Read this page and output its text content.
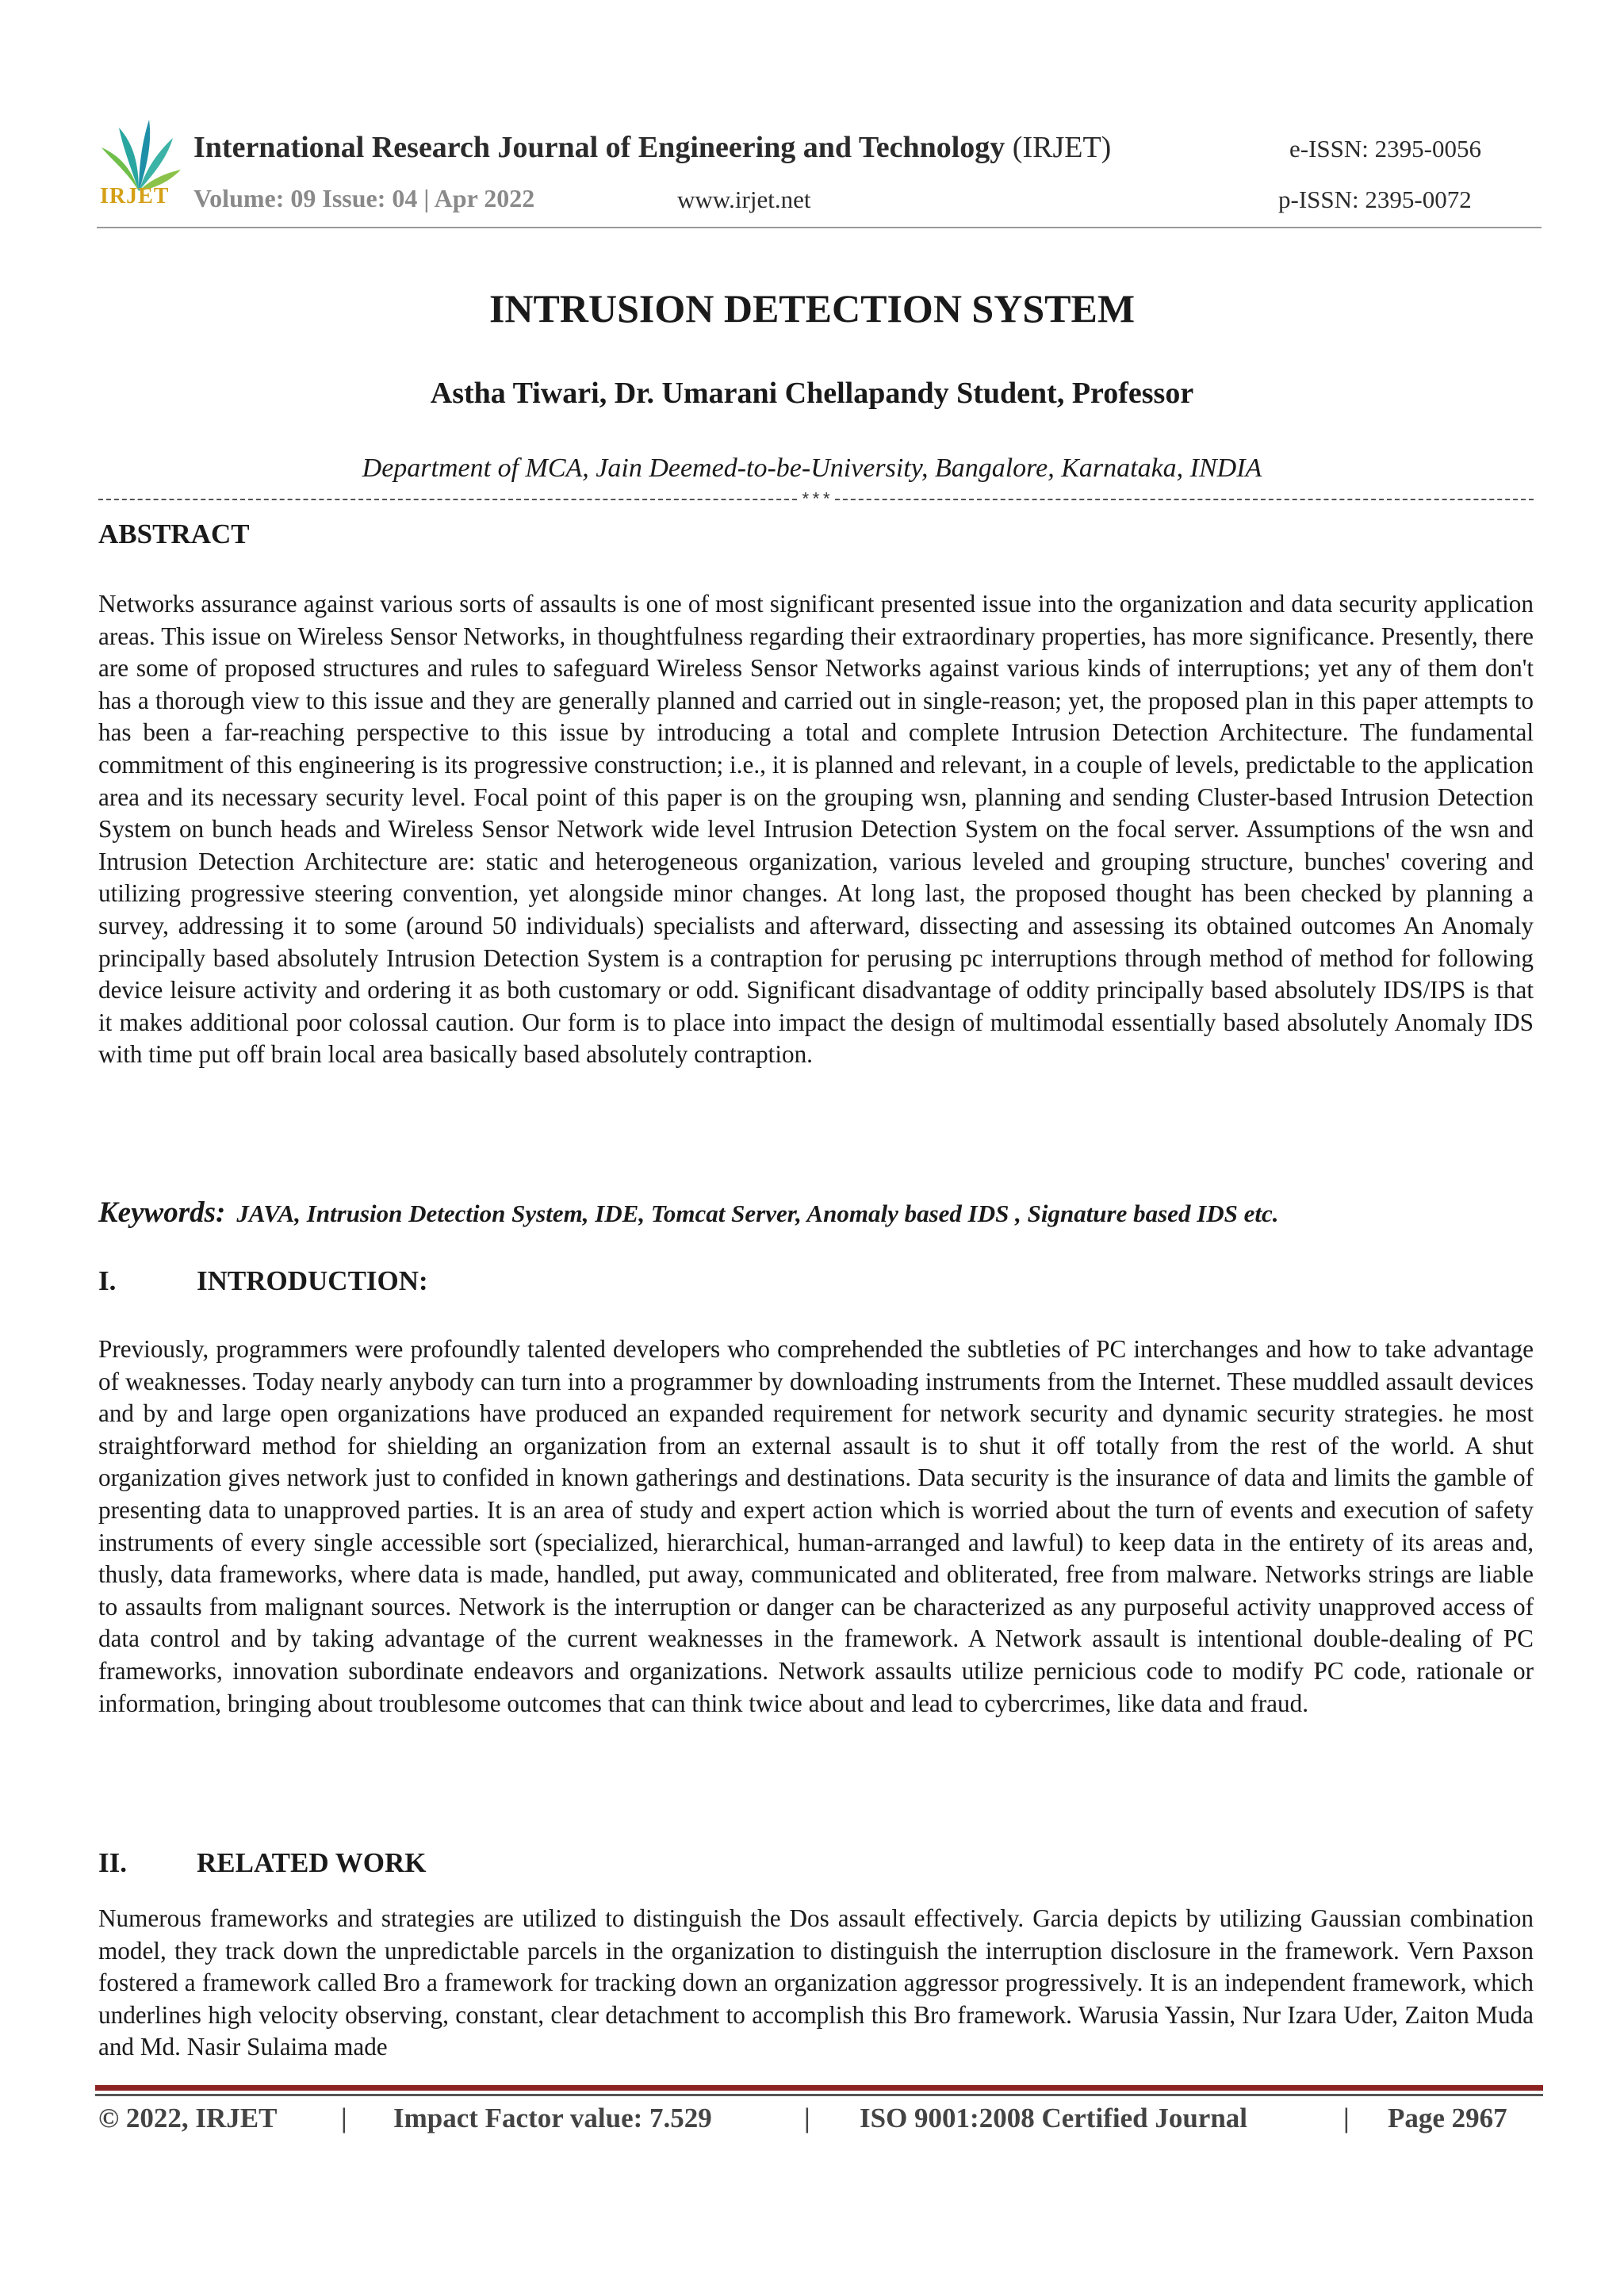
IRJET
International Research Journal of Engineering and Technology (IRJET)	e-ISSN: 2395-0056
Volume: 09 Issue: 04 | Apr 2022	www.irjet.net	p-ISSN: 2395-0072
INTRUSION DETECTION SYSTEM
Astha Tiwari, Dr. Umarani Chellapandy Student, Professor
Department of MCA, Jain Deemed-to-be-University, Bangalore, Karnataka, INDIA
***
ABSTRACT

Networks assurance against various sorts of assaults is one of most significant presented issue into the organization and data security application areas. This issue on Wireless Sensor Networks, in thoughtfulness regarding their extraordinary properties, has more significance. Presently, there are some of proposed structures and rules to safeguard Wireless Sensor Networks against various kinds of interruptions; yet any of them don't has a thorough view to this issue and they are generally planned and carried out in single-reason; yet, the proposed plan in this paper attempts to has been a far-reaching perspective to this issue by introducing a total and complete Intrusion Detection Architecture. The fundamental commitment of this engineering is its progressive construction; i.e., it is planned and relevant, in a couple of levels, predictable to the application area and its necessary security level. Focal point of this paper is on the grouping wsn, planning and sending Cluster-based Intrusion Detection System on bunch heads and Wireless Sensor Network wide level Intrusion Detection System on the focal server. Assumptions of the wsn and Intrusion Detection Architecture are: static and heterogeneous organization, various leveled and grouping structure, bunches' covering and utilizing progressive steering convention, yet alongside minor changes. At long last, the proposed thought has been checked by planning a survey, addressing it to some (around 50 individuals) specialists and afterward, dissecting and assessing its obtained outcomes An Anomaly principally based absolutely Intrusion Detection System is a contraption for perusing pc interruptions through method of method for following device leisure activity and ordering it as both customary or odd. Significant disadvantage of oddity principally based absolutely IDS/IPS is that it makes additional poor colossal caution. Our form is to place into impact the design of multimodal essentially based absolutely Anomaly IDS with time put off brain local area basically based absolutely contraption.

Keywords: JAVA, Intrusion Detection System, IDE, Tomcat Server, Anomaly based IDS , Signature based IDS etc.
I.	INTRODUCTION:

Previously, programmers were profoundly talented developers who comprehended the subtleties of PC interchanges and how to take advantage of weaknesses. Today nearly anybody can turn into a programmer by downloading instruments from the Internet. These muddled assault devices and by and large open organizations have produced an expanded requirement for network security and dynamic security strategies. he most straightforward method for shielding an organization from an external assault is to shut it off totally from the rest of the world. A shut organization gives network just to confided in known gatherings and destinations. Data security is the insurance of data and limits the gamble of presenting data to unapproved parties. It is an area of study and expert action which is worried about the turn of events and execution of safety instruments of every single accessible sort (specialized, hierarchical, human-arranged and lawful) to keep data in the entirety of its areas and, thusly, data frameworks, where data is made, handled, put away, communicated and obliterated, free from malware. Networks strings are liable to assaults from malignant sources. Network is the interruption or danger can be characterized as any purposeful activity unapproved access of data control and by taking advantage of the current weaknesses in the framework. A Network assault is intentional double-dealing of PC frameworks, innovation subordinate endeavors and organizations. Network assaults utilize pernicious code to modify PC code, rationale or information, bringing about troublesome outcomes that can think twice about and lead to cybercrimes, like data and fraud.

II.	RELATED WORK

Numerous frameworks and strategies are utilized to distinguish the Dos assault effectively. Garcia depicts by utilizing Gaussian combination model, they track down the unpredictable parcels in the organization to distinguish the interruption disclosure in the framework. Vern Paxson fostered a framework called Bro a framework for tracking down an organization aggressor progressively. It is an independent framework, which underlines high velocity observing, constant, clear detachment to accomplish this Bro framework. Warusia Yassin, Nur Izara Uder, Zaiton Muda and Md. Nasir Sulaima made

© 2022, IRJET | Impact Factor value: 7.529	| ISO 9001:2008 Certified Journal	| Page 2967
